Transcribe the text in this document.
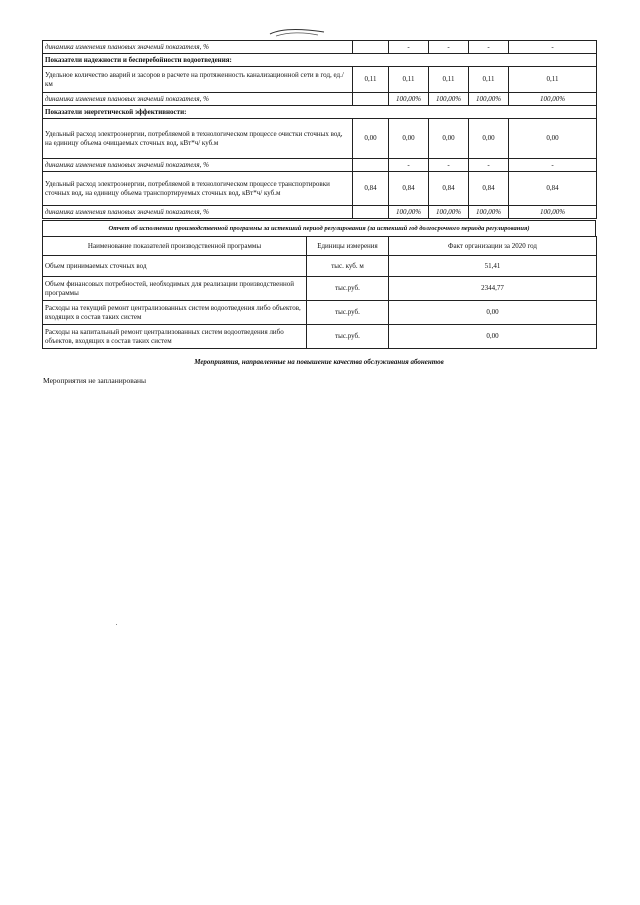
динамика изменения плановых значений показателя, %		-	-	-	-
Показатели надежности и бесперебойности водоотведения:					
Удельное количество аварий и засоров в расчете на протяженность канализационной сети в год, ед./км	0,11	0,11	0,11	0,11	0,11
динамика изменения плановых значений показателя, %		100,00%	100,00%	100,00%	100,00%
Показатели энергетической эффективности:					
Удельный расход электроэнергии, потребляемой в технологическом процессе очистки сточных вод, на единицу объема очищаемых сточных вод, кВт*ч/ куб.м	0,00	0,00	0,00	0,00	0,00
динамика изменения плановых значений показателя, %		-	-	-	-
Удельный расход электроэнергии, потребляемой в технологическом процессе транспортировки сточных вод, на единицу объема транспортируемых сточных вод, кВт*ч/ куб.м	0,84	0,84	0,84	0,84	0,84
динамика изменения плановых значений показателя, %		100,00%	100,00%	100,00%	100,00%
Отчет об исполнении производственной программы за истекший период регулирования (за истекший год долгосрочного периода регулирования)
Наименование показателей производственной программы	Единицы измерения	Факт организации за 2020 год
Объем принимаемых сточных вод	тыс. куб. м	51,41
Объем финансовых потребностей, необходимых для реализации производственной программы	тыс.руб.	2344,77
Расходы на текущий ремонт централизованных систем водоотведения либо объектов, входящих в состав таких систем	тыс.руб.	0,00
Расходы на капитальный ремонт централизованных систем водоотведения либо объектов, входящих в состав таких систем	тыс.руб.	0,00
Мероприятия, направленные на повышение качества обслуживания абонентов
Мероприятия не запланированы
